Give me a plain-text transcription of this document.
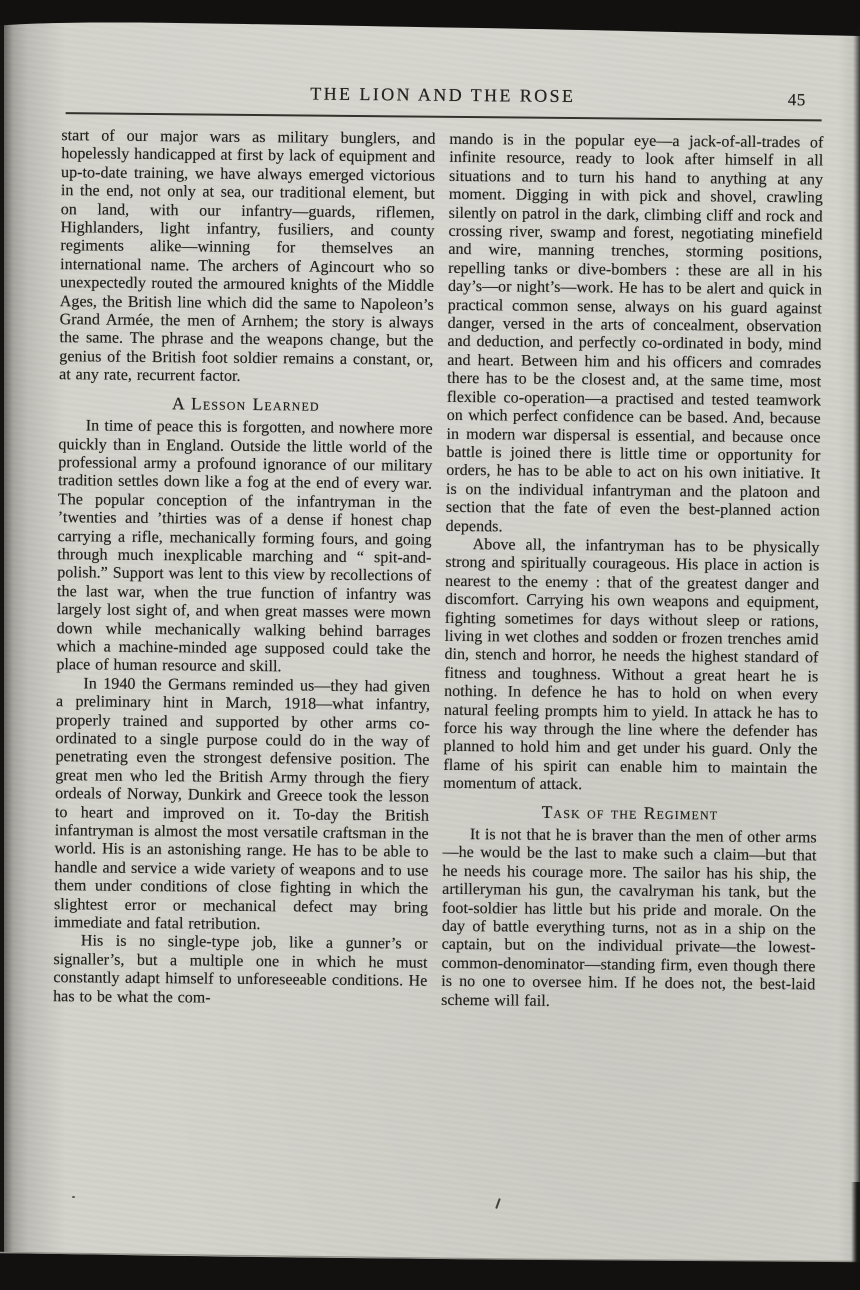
THE LION AND THE ROSE	45

start of our major wars as military bunglers, and hopelessly handicapped at first by lack of equipment and up-to-date training, we have always emerged victorious in the end, not only at sea, our traditional element, but on land, with our infantry—guards, riflemen, Highlanders, light infantry, fusiliers, and county regiments alike—winning for themselves an international name. The archers of Agincourt who so unexpectedly routed the armoured knights of the Middle Ages, the British line which did the same to Napoleon’s Grand Armée, the men of Arnhem; the story is always the same. The phrase and the weapons change, but the genius of the British foot soldier remains a constant, or, at any rate, recurrent factor.

A Lesson Learned

In time of peace this is forgotten, and nowhere more quickly than in England. Outside the little world of the professional army a profound ignorance of our military tradition settles down like a fog at the end of every war. The popular conception of the infantryman in the ’twenties and ’thirties was of a dense if honest chap carrying a rifle, mechanically forming fours, and going through much inexplicable marching and “ spit-and-polish.” Support was lent to this view by recollections of the last war, when the true function of infantry was largely lost sight of, and when great masses were mown down while mechanically walking behind barrages which a machine-minded age supposed could take the place of human resource and skill.

In 1940 the Germans reminded us—they had given a preliminary hint in March, 1918—what infantry, properly trained and supported by other arms co-ordinated to a single purpose could do in the way of penetrating even the strongest defensive position. The great men who led the British Army through the fiery ordeals of Norway, Dunkirk and Greece took the lesson to heart and improved on it. To-day the British infantryman is almost the most versatile craftsman in the world. His is an astonishing range. He has to be able to handle and service a wide variety of weapons and to use them under conditions of close fighting in which the slightest error or mechanical defect may bring immediate and fatal retribution.

His is no single-type job, like a gunner’s or signaller’s, but a multiple one in which he must constantly adapt himself to unforeseeable conditions. He has to be what the com-

mando is in the popular eye—a jack-of-all-trades of infinite resource, ready to look after himself in all situations and to turn his hand to anything at any moment. Digging in with pick and shovel, crawling silently on patrol in the dark, climbing cliff and rock and crossing river, swamp and forest, negotiating minefield and wire, manning trenches, storming positions, repelling tanks or dive-bombers : these are all in his day’s—or night’s—work. He has to be alert and quick in practical common sense, always on his guard against danger, versed in the arts of concealment, observation and deduction, and perfectly co-ordinated in body, mind and heart. Between him and his officers and comrades there has to be the closest and, at the same time, most flexible co-operation—a practised and tested teamwork on which perfect confidence can be based. And, because in modern war dispersal is essential, and because once battle is joined there is little time or opportunity for orders, he has to be able to act on his own initiative. It is on the individual infantryman and the platoon and section that the fate of even the best-planned action depends.

Above all, the infantryman has to be physically strong and spiritually courageous. His place in action is nearest to the enemy : that of the greatest danger and discomfort. Carrying his own weapons and equipment, fighting sometimes for days without sleep or rations, living in wet clothes and sodden or frozen trenches amid din, stench and horror, he needs the highest standard of fitness and toughness. Without a great heart he is nothing. In defence he has to hold on when every natural feeling prompts him to yield. In attack he has to force his way through the line where the defender has planned to hold him and get under his guard. Only the flame of his spirit can enable him to maintain the momentum of attack.

Task of the Regiment

It is not that he is braver than the men of other arms—he would be the last to make such a claim—but that he needs his courage more. The sailor has his ship, the artilleryman his gun, the cavalryman his tank, but the foot-soldier has little but his pride and morale. On the day of battle everything turns, not as in a ship on the captain, but on the individual private—the lowest-common-denominator—standing firm, even though there is no one to oversee him. If he does not, the best-laid scheme will fail.
